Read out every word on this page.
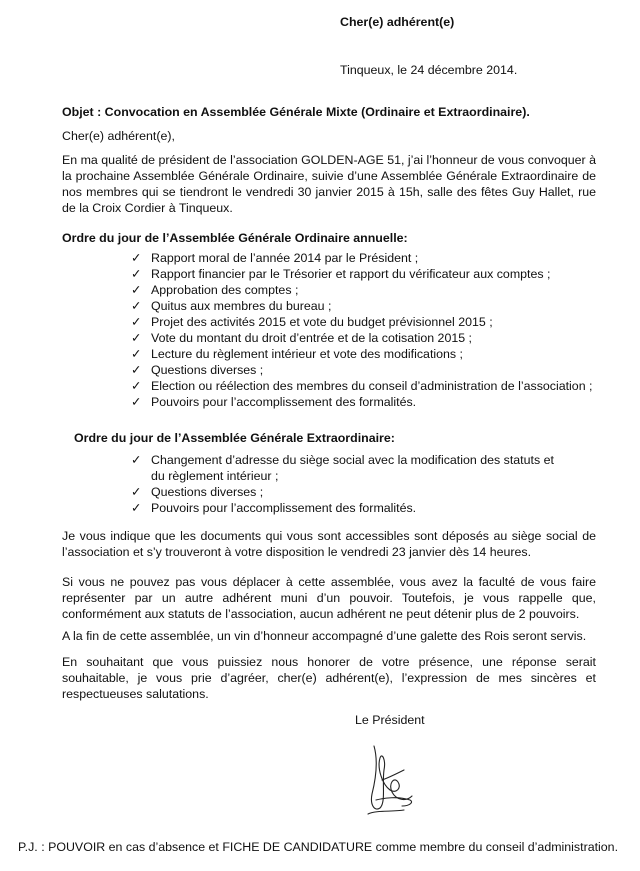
Cher(e) adhérent(e)
Tinqueux, le 24 décembre 2014.
Objet : Convocation en Assemblée Générale Mixte (Ordinaire et Extraordinaire).
Cher(e) adhérent(e),
En ma qualité de président de l’association GOLDEN-AGE 51, j’ai l’honneur de vous convoquer à la prochaine Assemblée Générale Ordinaire, suivie d’une Assemblée Générale Extraordinaire de nos membres qui se tiendront le vendredi 30 janvier 2015 à 15h, salle des fêtes Guy Hallet, rue de la Croix Cordier à Tinqueux.
Ordre du jour de l’Assemblée Générale Ordinaire annuelle:
✓ Rapport moral de l’année 2014 par le Président ;
✓ Rapport financier par le Trésorier et rapport du vérificateur aux comptes ;
✓ Approbation des comptes ;
✓ Quitus aux membres du bureau ;
✓ Projet des activités 2015 et vote du budget prévisionnel 2015 ;
✓ Vote du montant du droit d’entrée et de la cotisation 2015 ;
✓ Lecture du règlement intérieur et vote des modifications ;
✓ Questions diverses ;
✓ Election ou réélection des membres du conseil d’administration de l’association ;
✓ Pouvoirs pour l’accomplissement des formalités.
Ordre du jour de l’Assemblée Générale Extraordinaire:
✓ Changement d’adresse du siège social avec la modification des statuts et du règlement intérieur ;
✓ Questions diverses ;
✓ Pouvoirs pour l’accomplissement des formalités.
Je vous indique que les documents qui vous sont accessibles sont déposés au siège social de l’association et s’y trouveront à votre disposition le vendredi 23 janvier dès 14 heures.
Si vous ne pouvez pas vous déplacer à cette assemblée, vous avez la faculté de vous faire représenter par un autre adhérent muni d’un pouvoir. Toutefois, je vous rappelle que, conformément aux statuts de l’association, aucun adhérent ne peut détenir plus de 2 pouvoirs.
A la fin de cette assemblée, un vin d’honneur accompagné d’une galette des Rois seront servis.
En souhaitant que vous puissiez nous honorer de votre présence, une réponse serait souhaitable, je vous prie d’agréer, cher(e) adhérent(e), l’expression de mes sincères et respectueuses salutations.
Le Président
P.J. : POUVOIR en cas d’absence et FICHE DE CANDIDATURE comme membre du conseil d’administration.
